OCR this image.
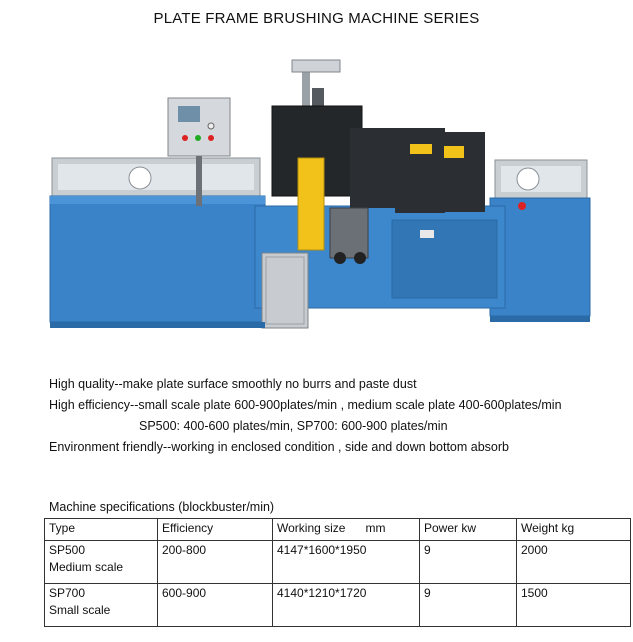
PLATE FRAME BRUSHING MACHINE SERIES
High quality--make plate surface smoothly no burrs and paste dust
High efficiency--small scale plate 600-900plates/min , medium scale plate 400-600plates/min
SP500: 400-600 plates/min, SP700: 600-900 plates/min
Environment friendly--working in enclosed condition , side and down bottom absorb
Machine specifications (blockbuster/min)
Type	Efficiency	Working size      mm	Power kw	Weight kg
SP500
Medium scale	200-800	4147*1600*1950	9	2000
SP700
Small scale	600-900	4140*1210*1720	9	1500
